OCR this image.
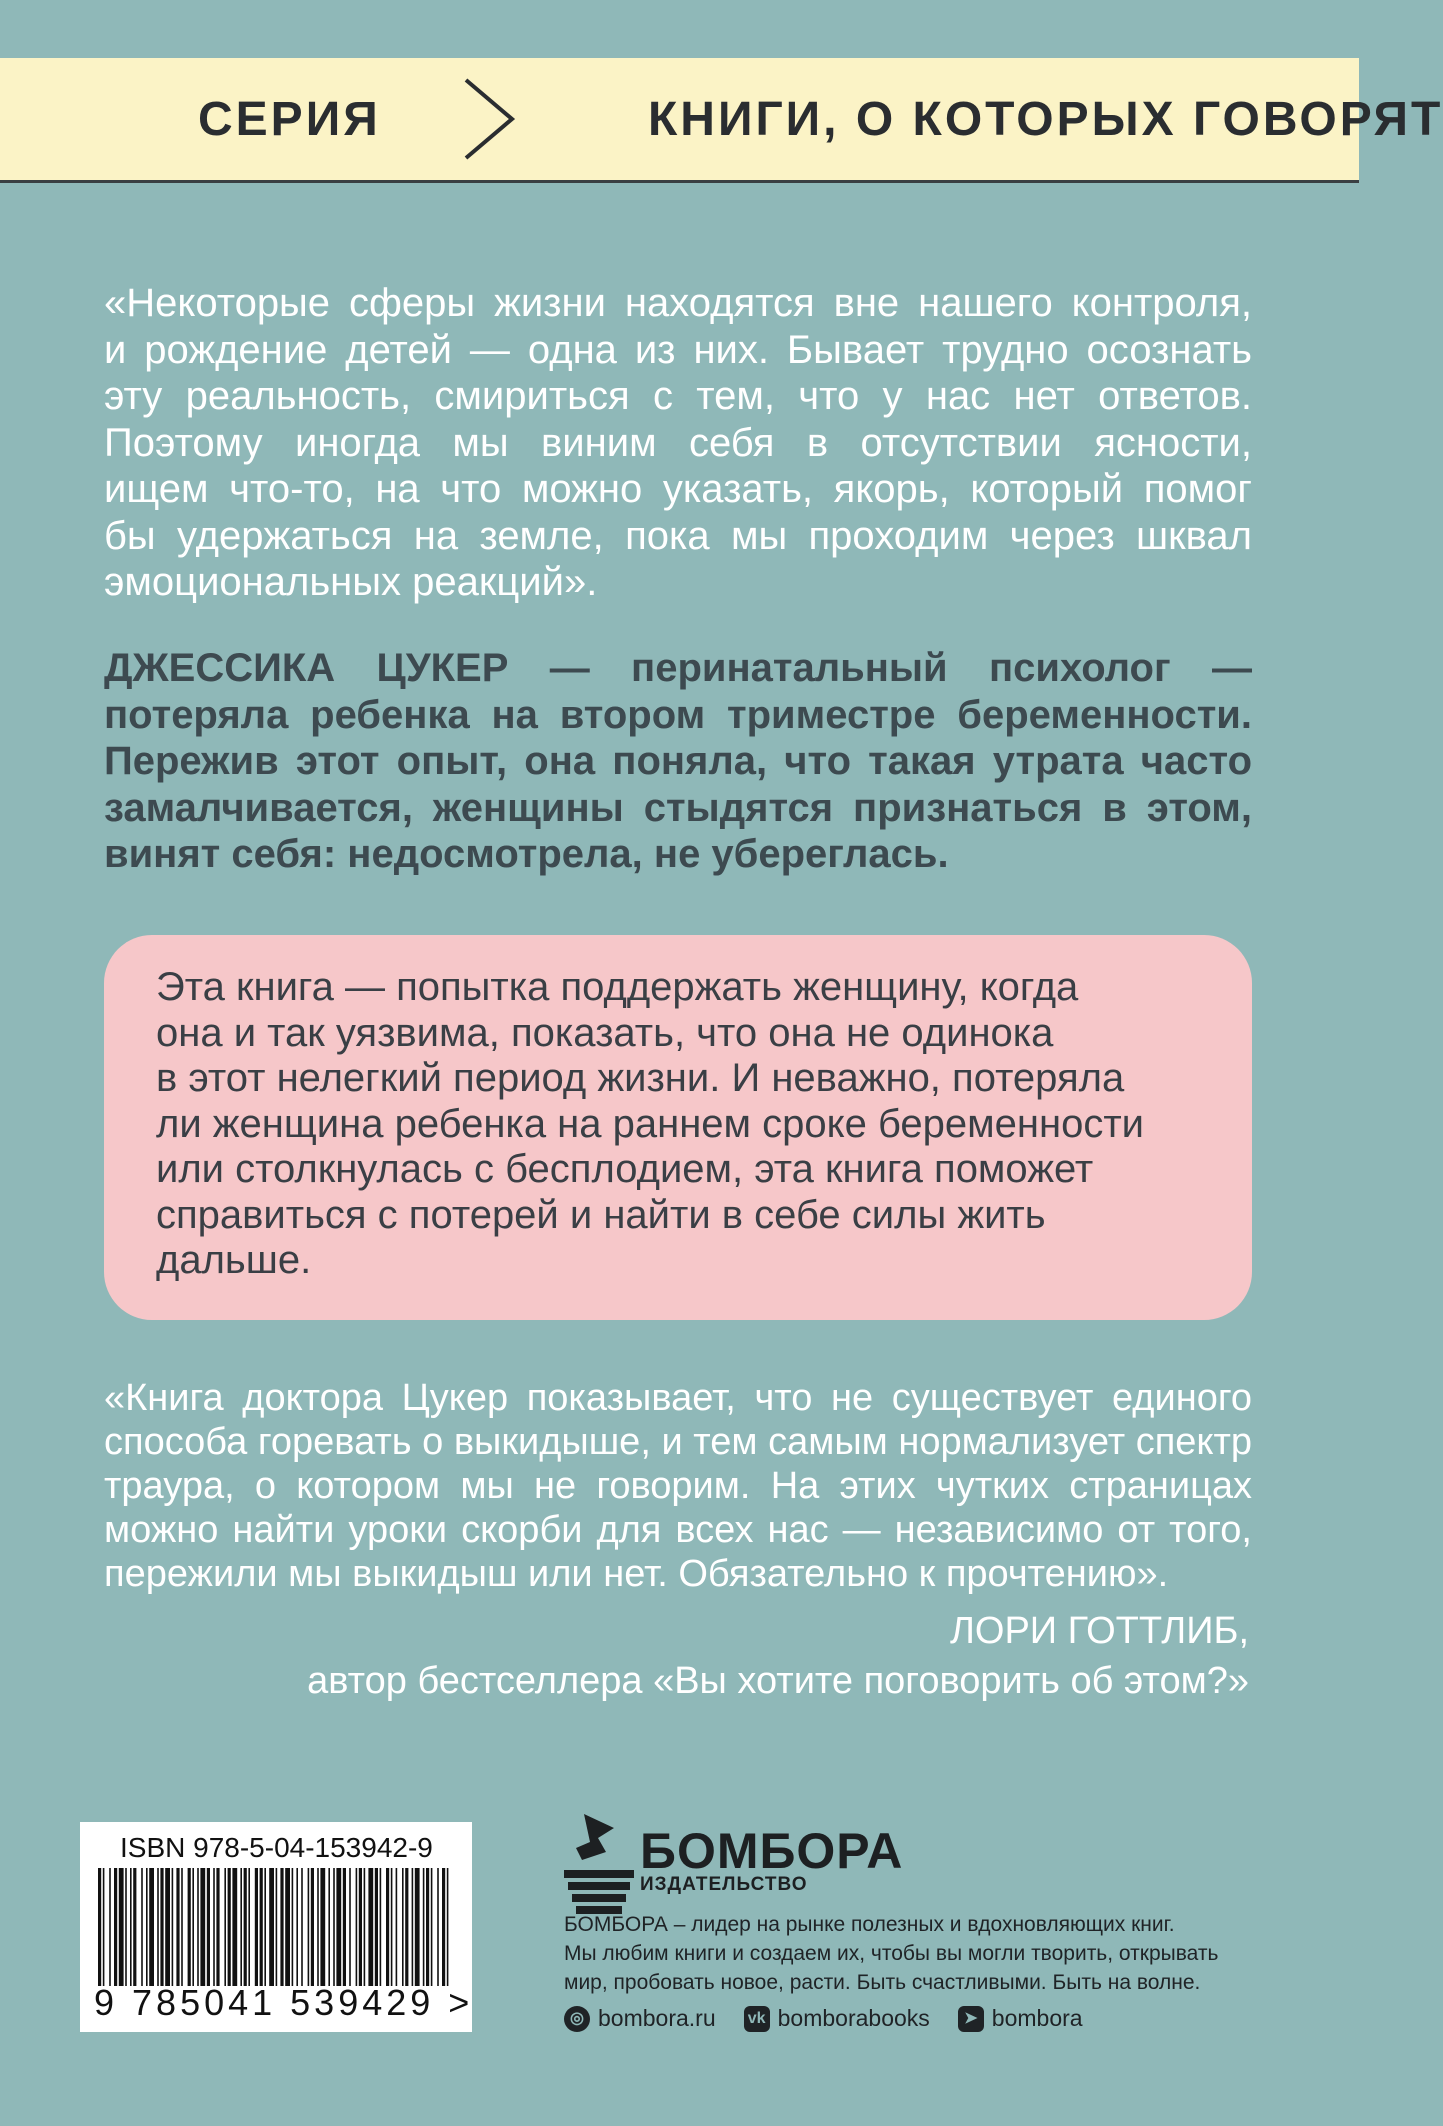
СЕРИЯ	КНИГИ, О КОТОРЫХ ГОВОРЯТ
«Некоторые сферы жизни находятся вне нашего контроля,
и рождение детей — одна из них. Бывает трудно осознать
эту реальность, смириться с тем, что у нас нет ответов.
Поэтому иногда мы виним себя в отсутствии ясности,
ищем что-то, на что можно указать, якорь, который помог
бы удержаться на земле, пока мы проходим через шквал
эмоциональных реакций».
ДЖЕССИКА ЦУКЕР — перинатальный психолог —
потеряла ребенка на втором триместре беременности.
Пережив этот опыт, она поняла, что такая утрата часто
замалчивается, женщины стыдятся признаться в этом,
винят себя: недосмотрела, не убереглась.
Эта книга — попытка поддержать женщину, когда
она и так уязвима, показать, что она не одинока
в этот нелегкий период жизни. И неважно, потеряла
ли женщина ребенка на раннем сроке беременности
или столкнулась с бесплодием, эта книга поможет
справиться с потерей и найти в себе силы жить
дальше.
«Книга доктора Цукер показывает, что не существует единого
способа горевать о выкидыше, и тем самым нормализует спектр
траура, о котором мы не говорим. На этих чутких страницах
можно найти уроки скорби для всех нас — независимо от того,
пережили мы выкидыш или нет. Обязательно к прочтению».
ЛОРИ ГОТТЛИБ,
автор бестселлера «Вы хотите поговорить об этом?»
ISBN 978-5-04-153942-9
9 785041 539429 >
БОМБОРА
ИЗДАТЕЛЬСТВО
БОМБОРА – лидер на рынке полезных и вдохновляющих книг.
Мы любим книги и создаем их, чтобы вы могли творить, открывать
мир, пробовать новое, расти. Быть счастливыми. Быть на волне.
◎ bombora.ru vk bomborabooks	➤ bombora
